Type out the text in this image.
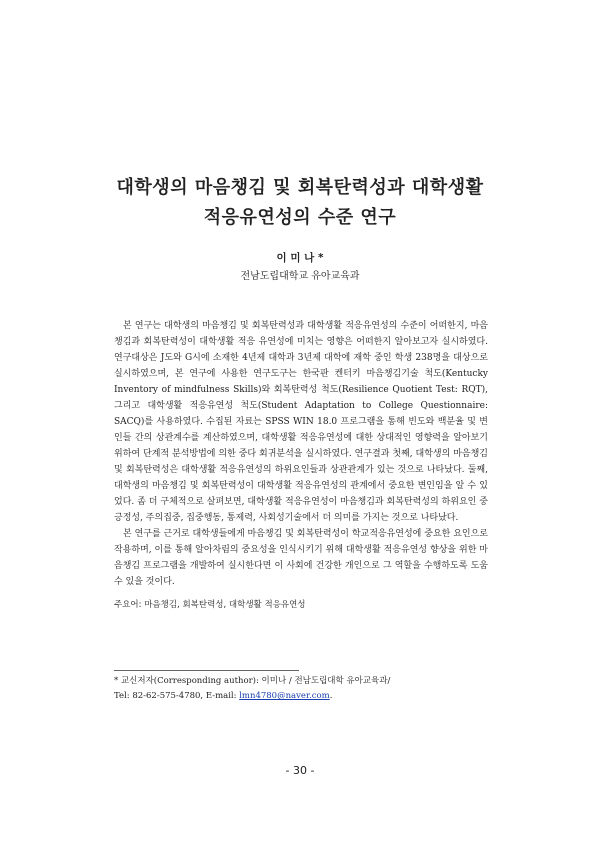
대학생의 마음챙김 및 회복탄력성과 대학생활
적응유연성의 수준 연구
이 미 나 *
전남도립대학교 유아교육과

본 연구는 대학생의 마음챙김 및 회복탄력성과 대학생활 적응유연성의 수준이 어떠한지, 마음챙김과 회복탄력성이 대학생활 적응 유연성에 미치는 영향은 어떠한지 알아보고자 실시하였다. 연구대상은 J도와 G시에 소재한 4년제 대학과 3년제 대학에 재학 중인 학생 238명을 대상으로 실시하였으며, 본 연구에 사용한 연구도구는 한국판 켄터키 마음챙김기술 척도(Kentucky Inventory of mindfulness Skills)와 회복탄력성 척도(Resilience Quotient Test: RQT), 그리고 대학생활 적응유연성 척도(Student Adaptation to College Questionnaire: SACQ)를 사용하였다. 수집된 자료는 SPSS WIN 18.0 프로그램을 통해 빈도와 백분율 및 변인들 간의 상관계수를 계산하였으며, 대학생활 적응유연성에 대한 상대적인 영향력을 알아보기 위하여 단계적 분석방법에 의한 중다 회귀분석을 실시하였다. 연구결과 첫째, 대학생의 마음챙김 및 회복탄력성은 대학생활 적응유연성의 하위요인들과 상관관계가 있는 것으로 나타났다. 둘째, 대학생의 마음챙김 및 회복탄력성이 대학생활 적응유연성의 관계에서 중요한 변인임을 알 수 있었다. 좀 더 구체적으로 살펴보면, 대학생활 적응유연성이 마음챙김과 회복탄력성의 하위요인 중 긍정성, 주의집중, 집중행동, 통제력, 사회성기술에서 더 의미를 가지는 것으로 나타났다.

본 연구를 근거로 대학생들에게 마음챙김 및 회복탄력성이 학교적응유연성에 중요한 요인으로 작용하며, 이를 통해 알아차림의 중요성을 인식시키기 위해 대학생활 적응유연성 향상을 위한 마음챙김 프로그램을 개발하여 실시한다면 이 사회에 건강한 개인으로 그 역할을 수행하도록 도움 수 있을 것이다.

주요어: 마음챙김, 회복탄력성, 대학생활 적응유연성
* 교신저자(Corresponding author): 이미나 / 전남도립대학 유아교육과/
Tel: 82-62-575-4780, E-mail: lmn4780@naver.com.
- 30 -
